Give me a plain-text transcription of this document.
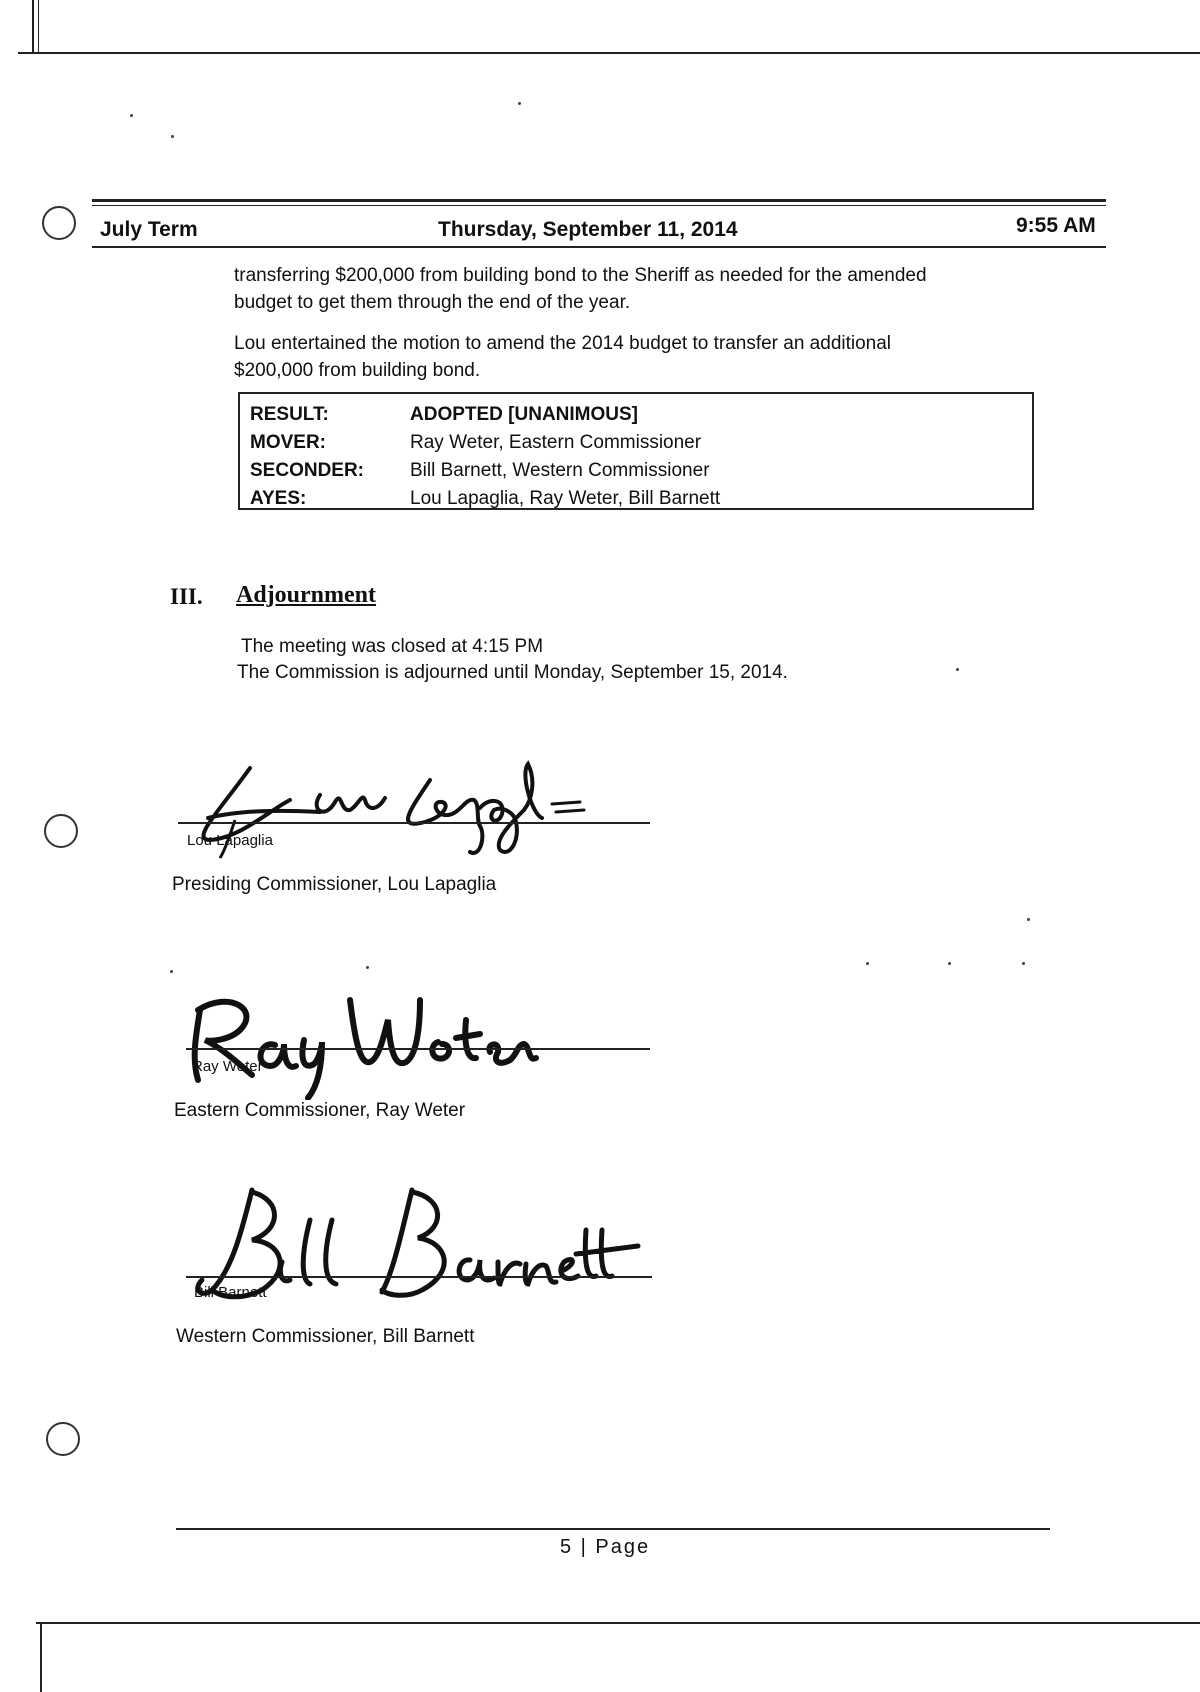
July Term	Thursday, September 11, 2014	9:55 AM
transferring $200,000 from building bond to the Sheriff as needed for the amended
budget to get them through the end of the year.
Lou entertained the motion to amend the 2014 budget to transfer an additional
$200,000 from building bond.
RESULT:	ADOPTED [UNANIMOUS]
MOVER:	Ray Weter, Eastern Commissioner
SECONDER:	Bill Barnett, Western Commissioner
AYES:	Lou Lapaglia, Ray Weter, Bill Barnett
III. Adjournment
The meeting was closed at 4:15 PM
The Commission is adjourned until Monday, September 15, 2014.
Lou Lapaglia
Presiding Commissioner, Lou Lapaglia
Ray Weter
Eastern Commissioner, Ray Weter
Bill Barnett
Western Commissioner, Bill Barnett
5 | Page
